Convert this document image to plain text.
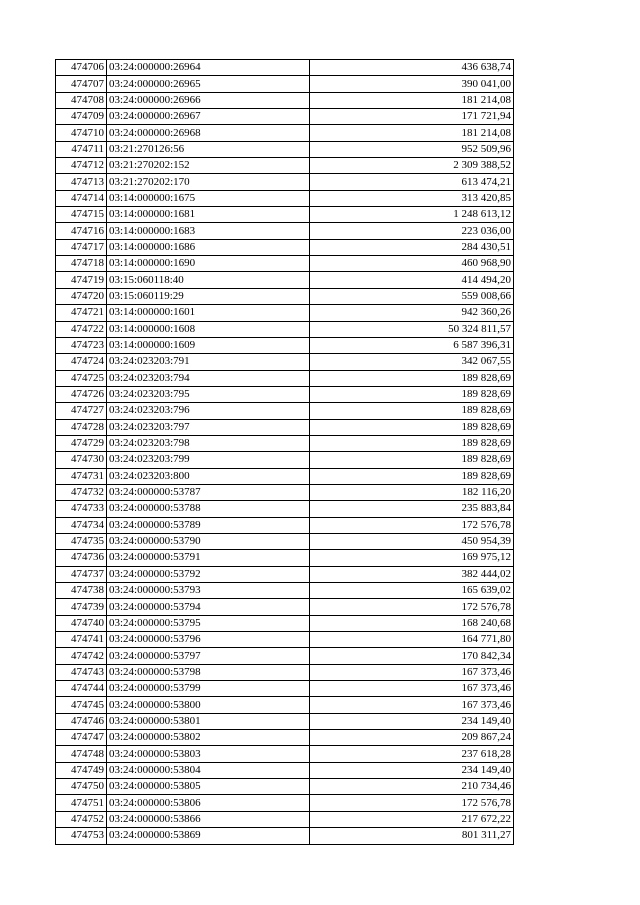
474706	03:24:000000:26964	436 638,74
474707	03:24:000000:26965	390 041,00
474708	03:24:000000:26966	181 214,08
474709	03:24:000000:26967	171 721,94
474710	03:24:000000:26968	181 214,08
474711	03:21:270126:56	952 509,96
474712	03:21:270202:152	2 309 388,52
474713	03:21:270202:170	613 474,21
474714	03:14:000000:1675	313 420,85
474715	03:14:000000:1681	1 248 613,12
474716	03:14:000000:1683	223 036,00
474717	03:14:000000:1686	284 430,51
474718	03:14:000000:1690	460 968,90
474719	03:15:060118:40	414 494,20
474720	03:15:060119:29	559 008,66
474721	03:14:000000:1601	942 360,26
474722	03:14:000000:1608	50 324 811,57
474723	03:14:000000:1609	6 587 396,31
474724	03:24:023203:791	342 067,55
474725	03:24:023203:794	189 828,69
474726	03:24:023203:795	189 828,69
474727	03:24:023203:796	189 828,69
474728	03:24:023203:797	189 828,69
474729	03:24:023203:798	189 828,69
474730	03:24:023203:799	189 828,69
474731	03:24:023203:800	189 828,69
474732	03:24:000000:53787	182 116,20
474733	03:24:000000:53788	235 883,84
474734	03:24:000000:53789	172 576,78
474735	03:24:000000:53790	450 954,39
474736	03:24:000000:53791	169 975,12
474737	03:24:000000:53792	382 444,02
474738	03:24:000000:53793	165 639,02
474739	03:24:000000:53794	172 576,78
474740	03:24:000000:53795	168 240,68
474741	03:24:000000:53796	164 771,80
474742	03:24:000000:53797	170 842,34
474743	03:24:000000:53798	167 373,46
474744	03:24:000000:53799	167 373,46
474745	03:24:000000:53800	167 373,46
474746	03:24:000000:53801	234 149,40
474747	03:24:000000:53802	209 867,24
474748	03:24:000000:53803	237 618,28
474749	03:24:000000:53804	234 149,40
474750	03:24:000000:53805	210 734,46
474751	03:24:000000:53806	172 576,78
474752	03:24:000000:53866	217 672,22
474753	03:24:000000:53869	801 311,27
